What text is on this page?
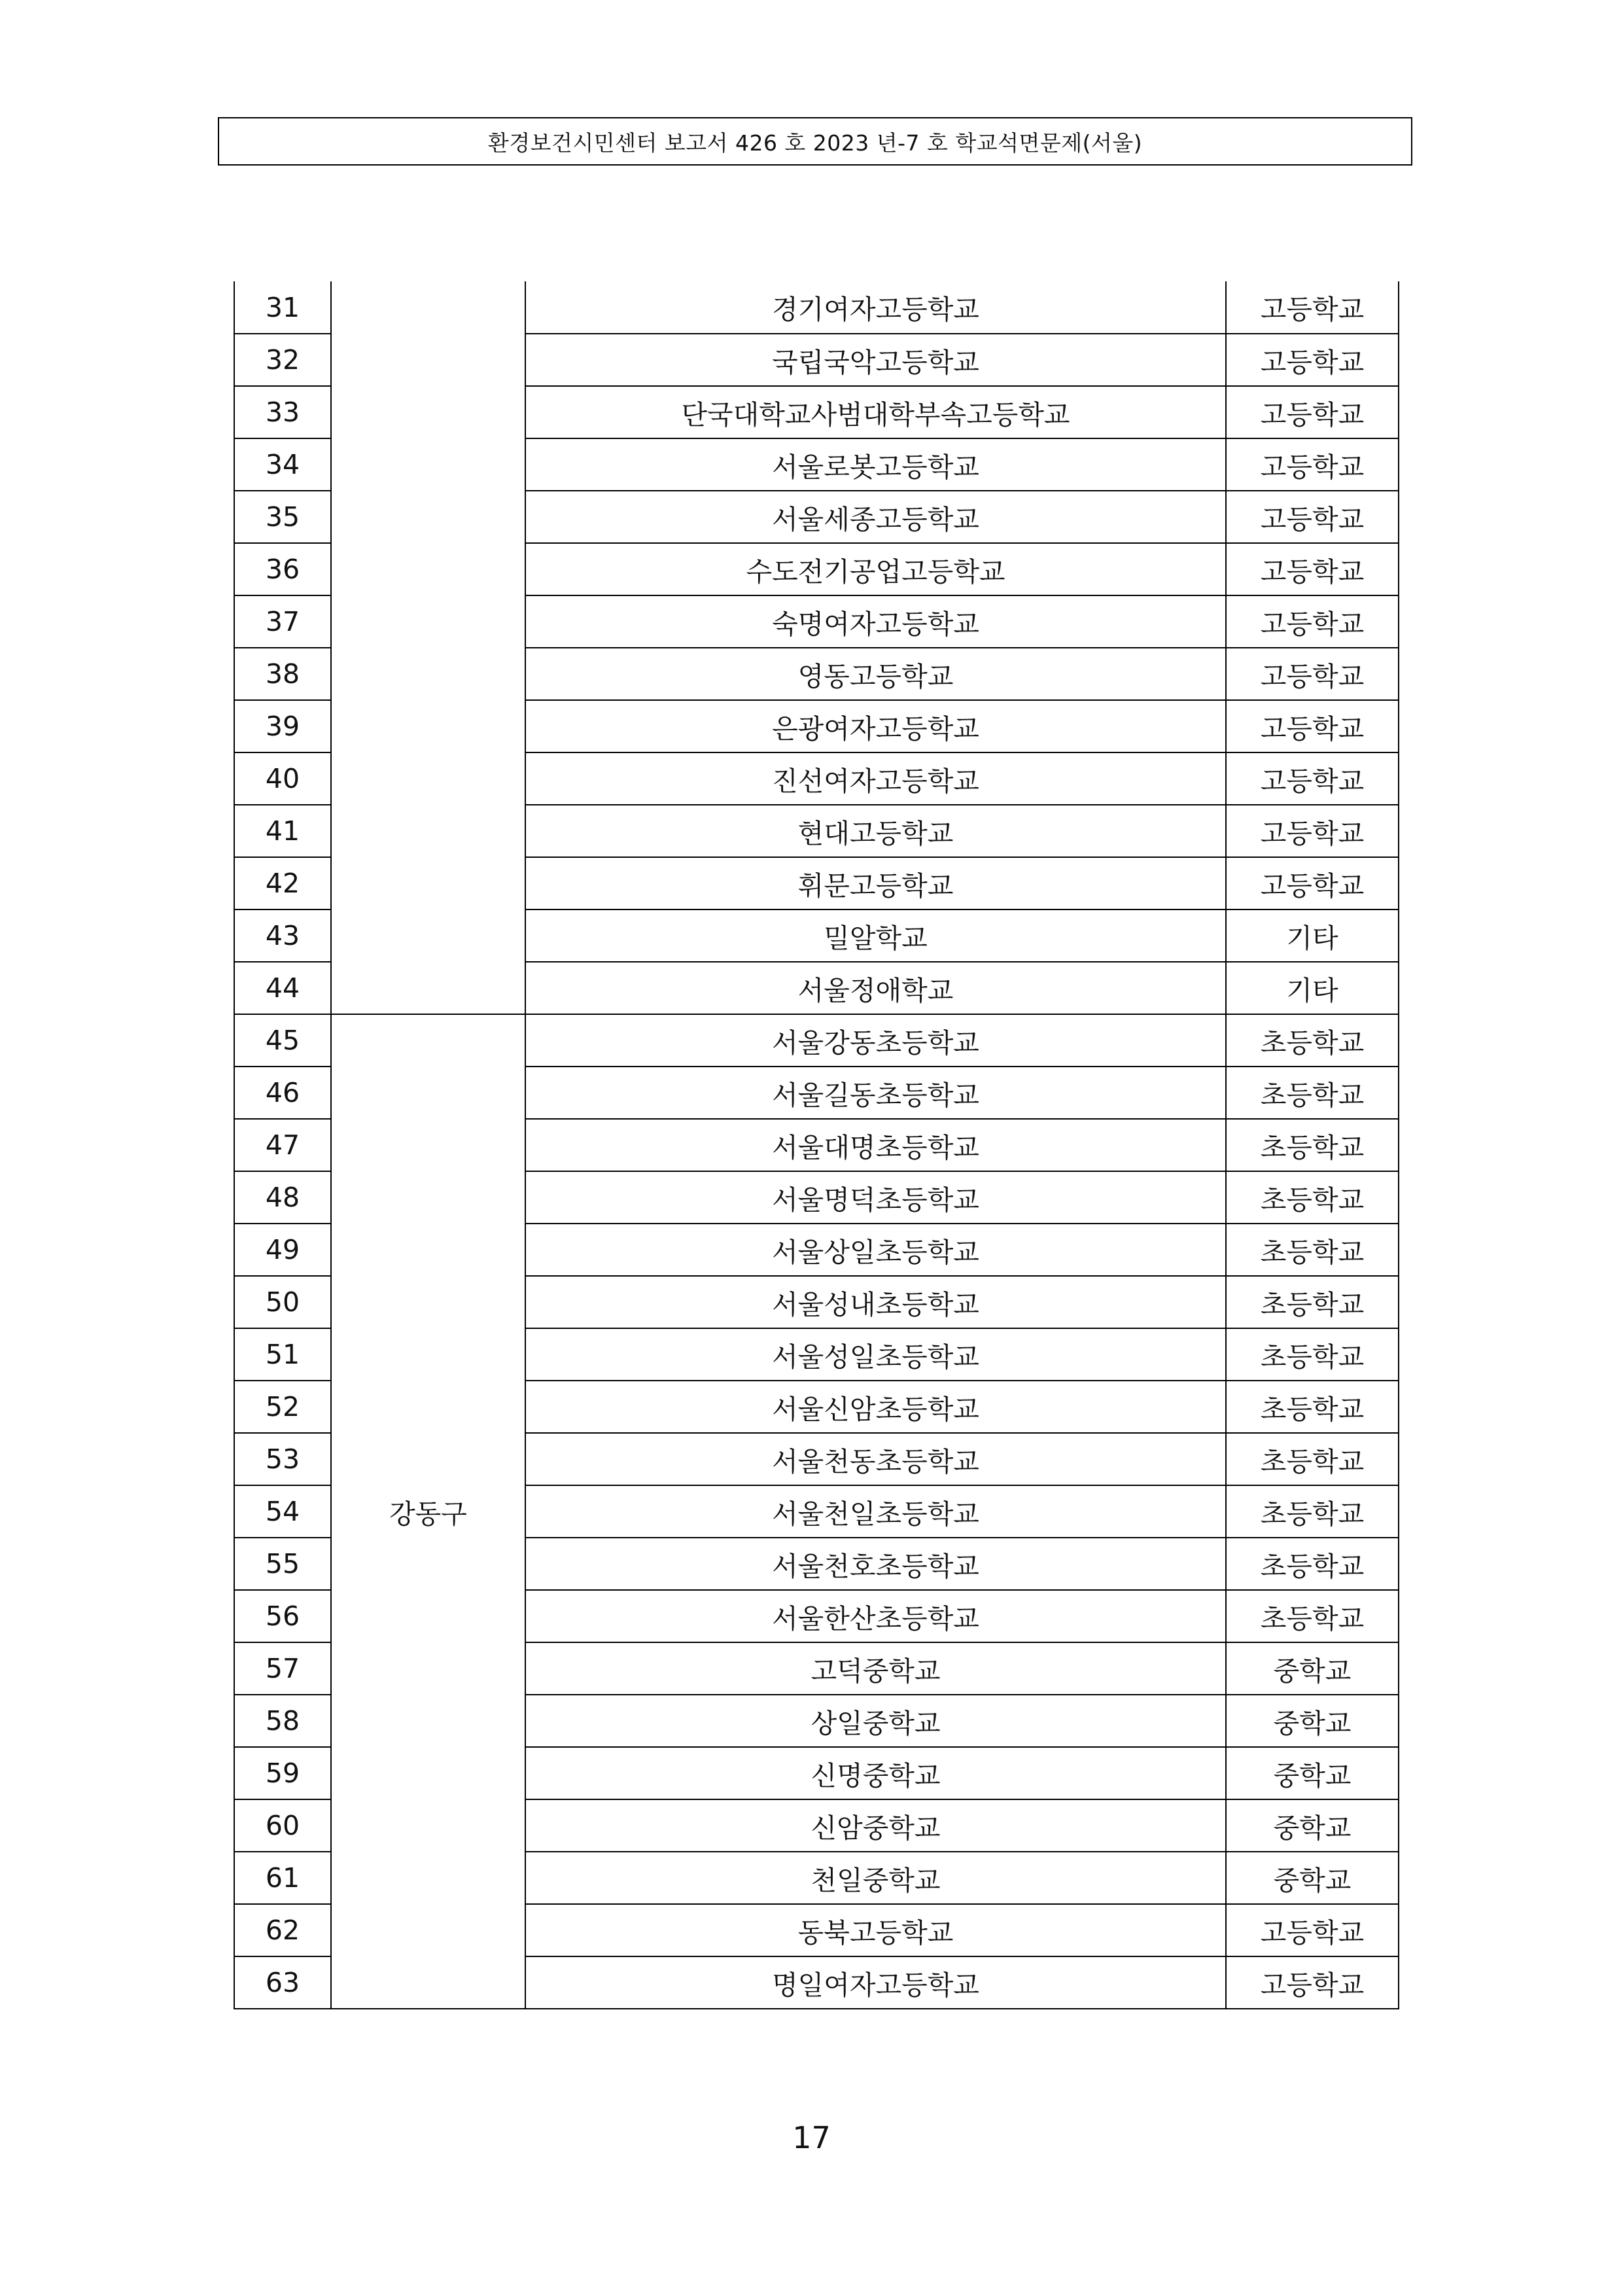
환경보건시민센터 보고서 426 호 2023 년-7 호 학교석면문제(서울)
31		경기여자고등학교	고등학교
32		국립국악고등학교	고등학교
33		단국대학교사범대학부속고등학교	고등학교
34		서울로봇고등학교	고등학교
35		서울세종고등학교	고등학교
36		수도전기공업고등학교	고등학교
37		숙명여자고등학교	고등학교
38		영동고등학교	고등학교
39		은광여자고등학교	고등학교
40		진선여자고등학교	고등학교
41		현대고등학교	고등학교
42		휘문고등학교	고등학교
43		밀알학교	기타
44		서울정애학교	기타
45	강동구	서울강동초등학교	초등학교
46		서울길동초등학교	초등학교
47		서울대명초등학교	초등학교
48		서울명덕초등학교	초등학교
49		서울상일초등학교	초등학교
50		서울성내초등학교	초등학교
51		서울성일초등학교	초등학교
52		서울신암초등학교	초등학교
53		서울천동초등학교	초등학교
54		서울천일초등학교	초등학교
55		서울천호초등학교	초등학교
56		서울한산초등학교	초등학교
57		고덕중학교	중학교
58		상일중학교	중학교
59		신명중학교	중학교
60		신암중학교	중학교
61		천일중학교	중학교
62		동북고등학교	고등학교
63		명일여자고등학교	고등학교
17
